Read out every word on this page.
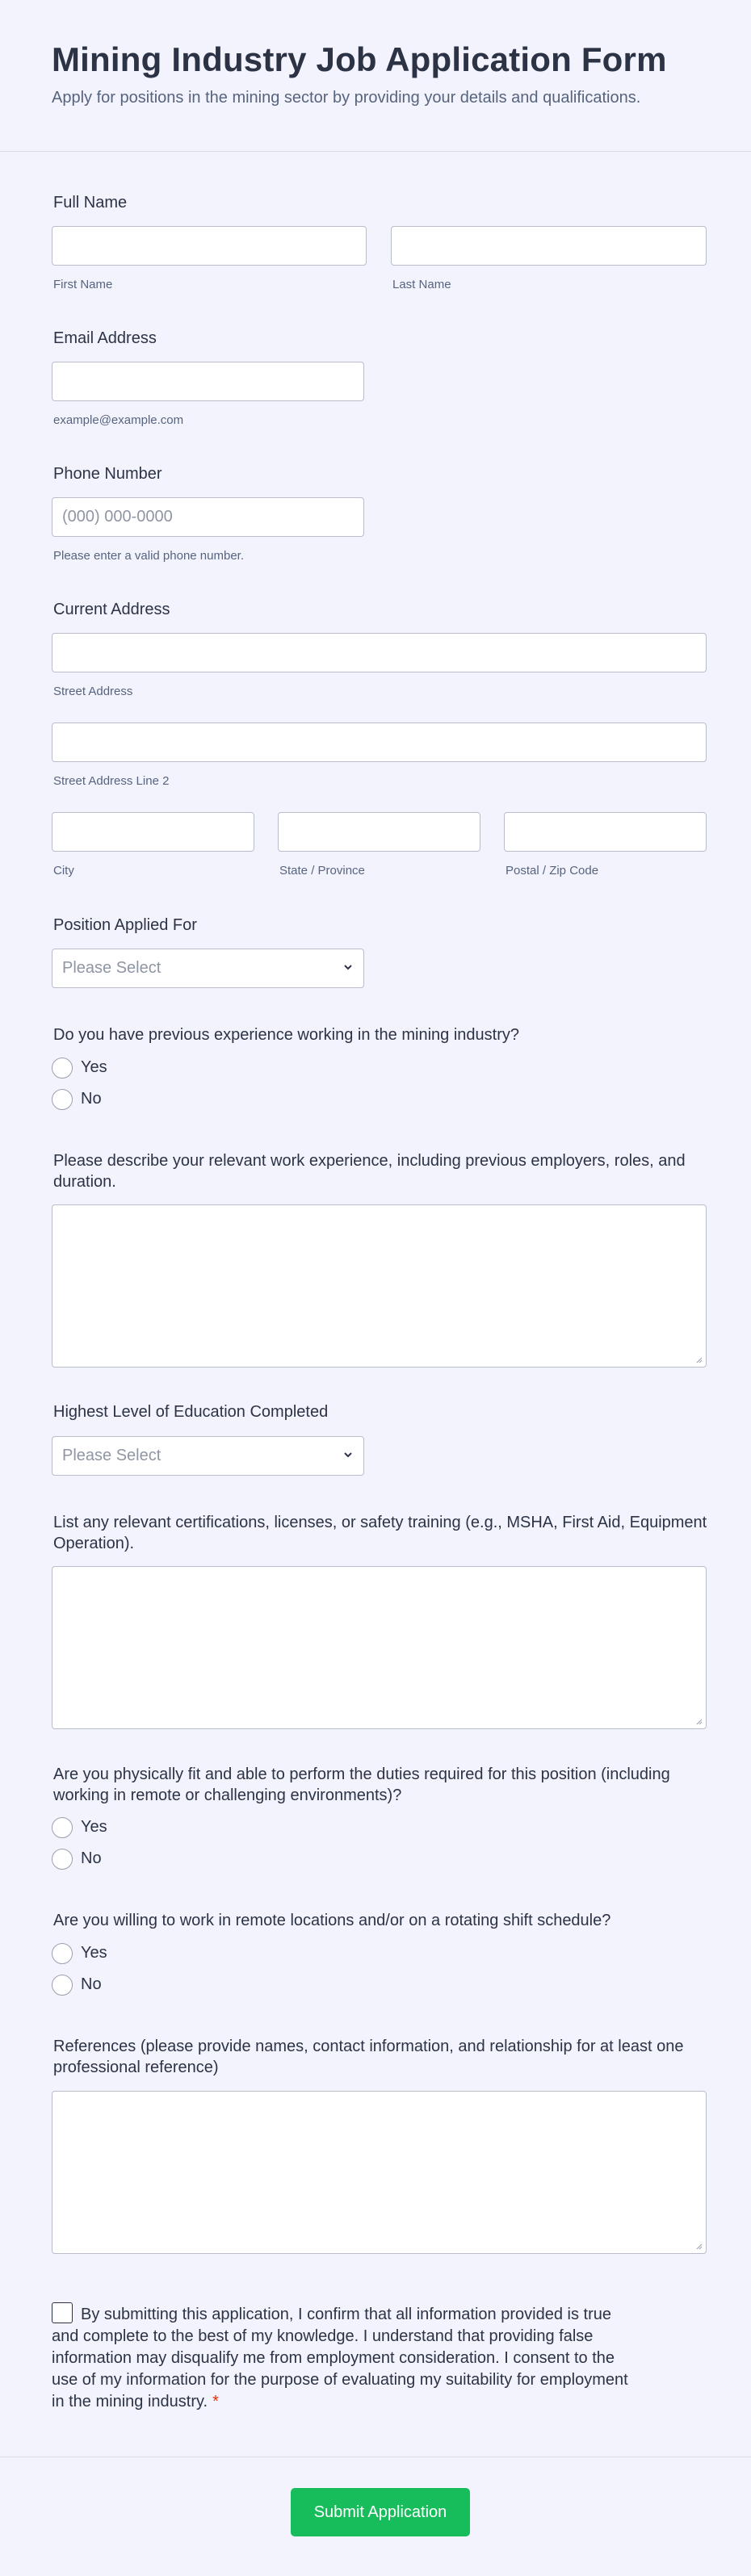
Mining Industry Job Application Form

Apply for positions in the mining sector by providing your details and qualifications.

Full Name
First Name	Last Name
Email Address
example@example.com
Phone Number
(000) 000-0000
Please enter a valid phone number.
Current Address
Street Address
Street Address Line 2
City	State / Province	Postal / Zip Code
Position Applied For
Please Select
Do you have previous experience working in the mining industry?
Yes
No
Please describe your relevant work experience, including previous employers, roles, and duration.
Highest Level of Education Completed
Please Select
List any relevant certifications, licenses, or safety training (e.g., MSHA, First Aid, Equipment Operation).
Are you physically fit and able to perform the duties required for this position (including working in remote or challenging environments)?
Yes
No
Are you willing to work in remote locations and/or on a rotating shift schedule?
Yes
No
References (please provide names, contact information, and relationship for at least one professional reference)
By submitting this application, I confirm that all information provided is true and complete to the best of my knowledge. I understand that providing false information may disqualify me from employment consideration. I consent to the use of my information for the purpose of evaluating my suitability for employment in the mining industry. *
Submit Application
